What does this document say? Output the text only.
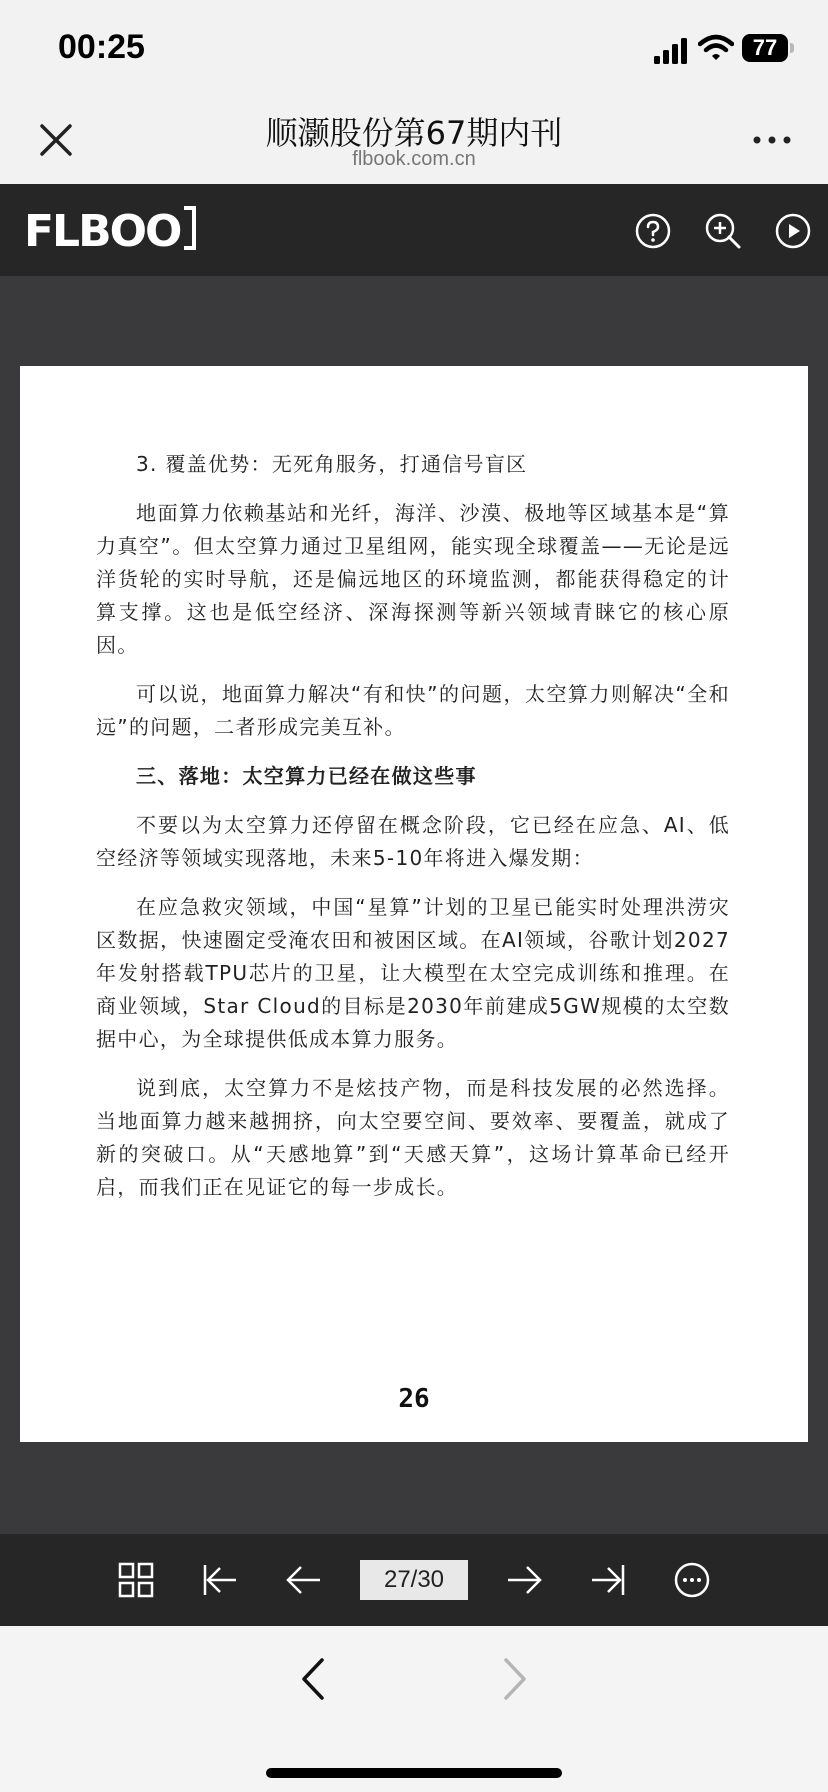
00:25	77
顺灏股份第67期内刊
flbook.com.cn
FLBOO

3. 覆盖优势：无死角服务，打通信号盲区

地面算力依赖基站和光纤，海洋、沙漠、极地等区域基本是“算力真空”。但太空算力通过卫星组网，能实现全球覆盖——无论是远洋货轮的实时导航，还是偏远地区的环境监测，都能获得稳定的计算支撑。这也是低空经济、深海探测等新兴领域青睐它的核心原因。

可以说，地面算力解决“有和快”的问题，太空算力则解决“全和远”的问题，二者形成完美互补。

三、落地：太空算力已经在做这些事

不要以为太空算力还停留在概念阶段，它已经在应急、AI、低空经济等领域实现落地，未来5-10年将进入爆发期：

在应急救灾领域，中国“星算”计划的卫星已能实时处理洪涝灾区数据，快速圈定受淹农田和被困区域。在AI领域，谷歌计划2027年发射搭载TPU芯片的卫星，让大模型在太空完成训练和推理。在商业领域，Star Cloud的目标是2030年前建成5GW规模的太空数据中心，为全球提供低成本算力服务。

说到底，太空算力不是炫技产物，而是科技发展的必然选择。当地面算力越来越拥挤，向太空要空间、要效率、要覆盖，就成了新的突破口。从“天感地算”到“天感天算”，这场计算革命已经开启，而我们正在见证它的每一步成长。

26
27/30
